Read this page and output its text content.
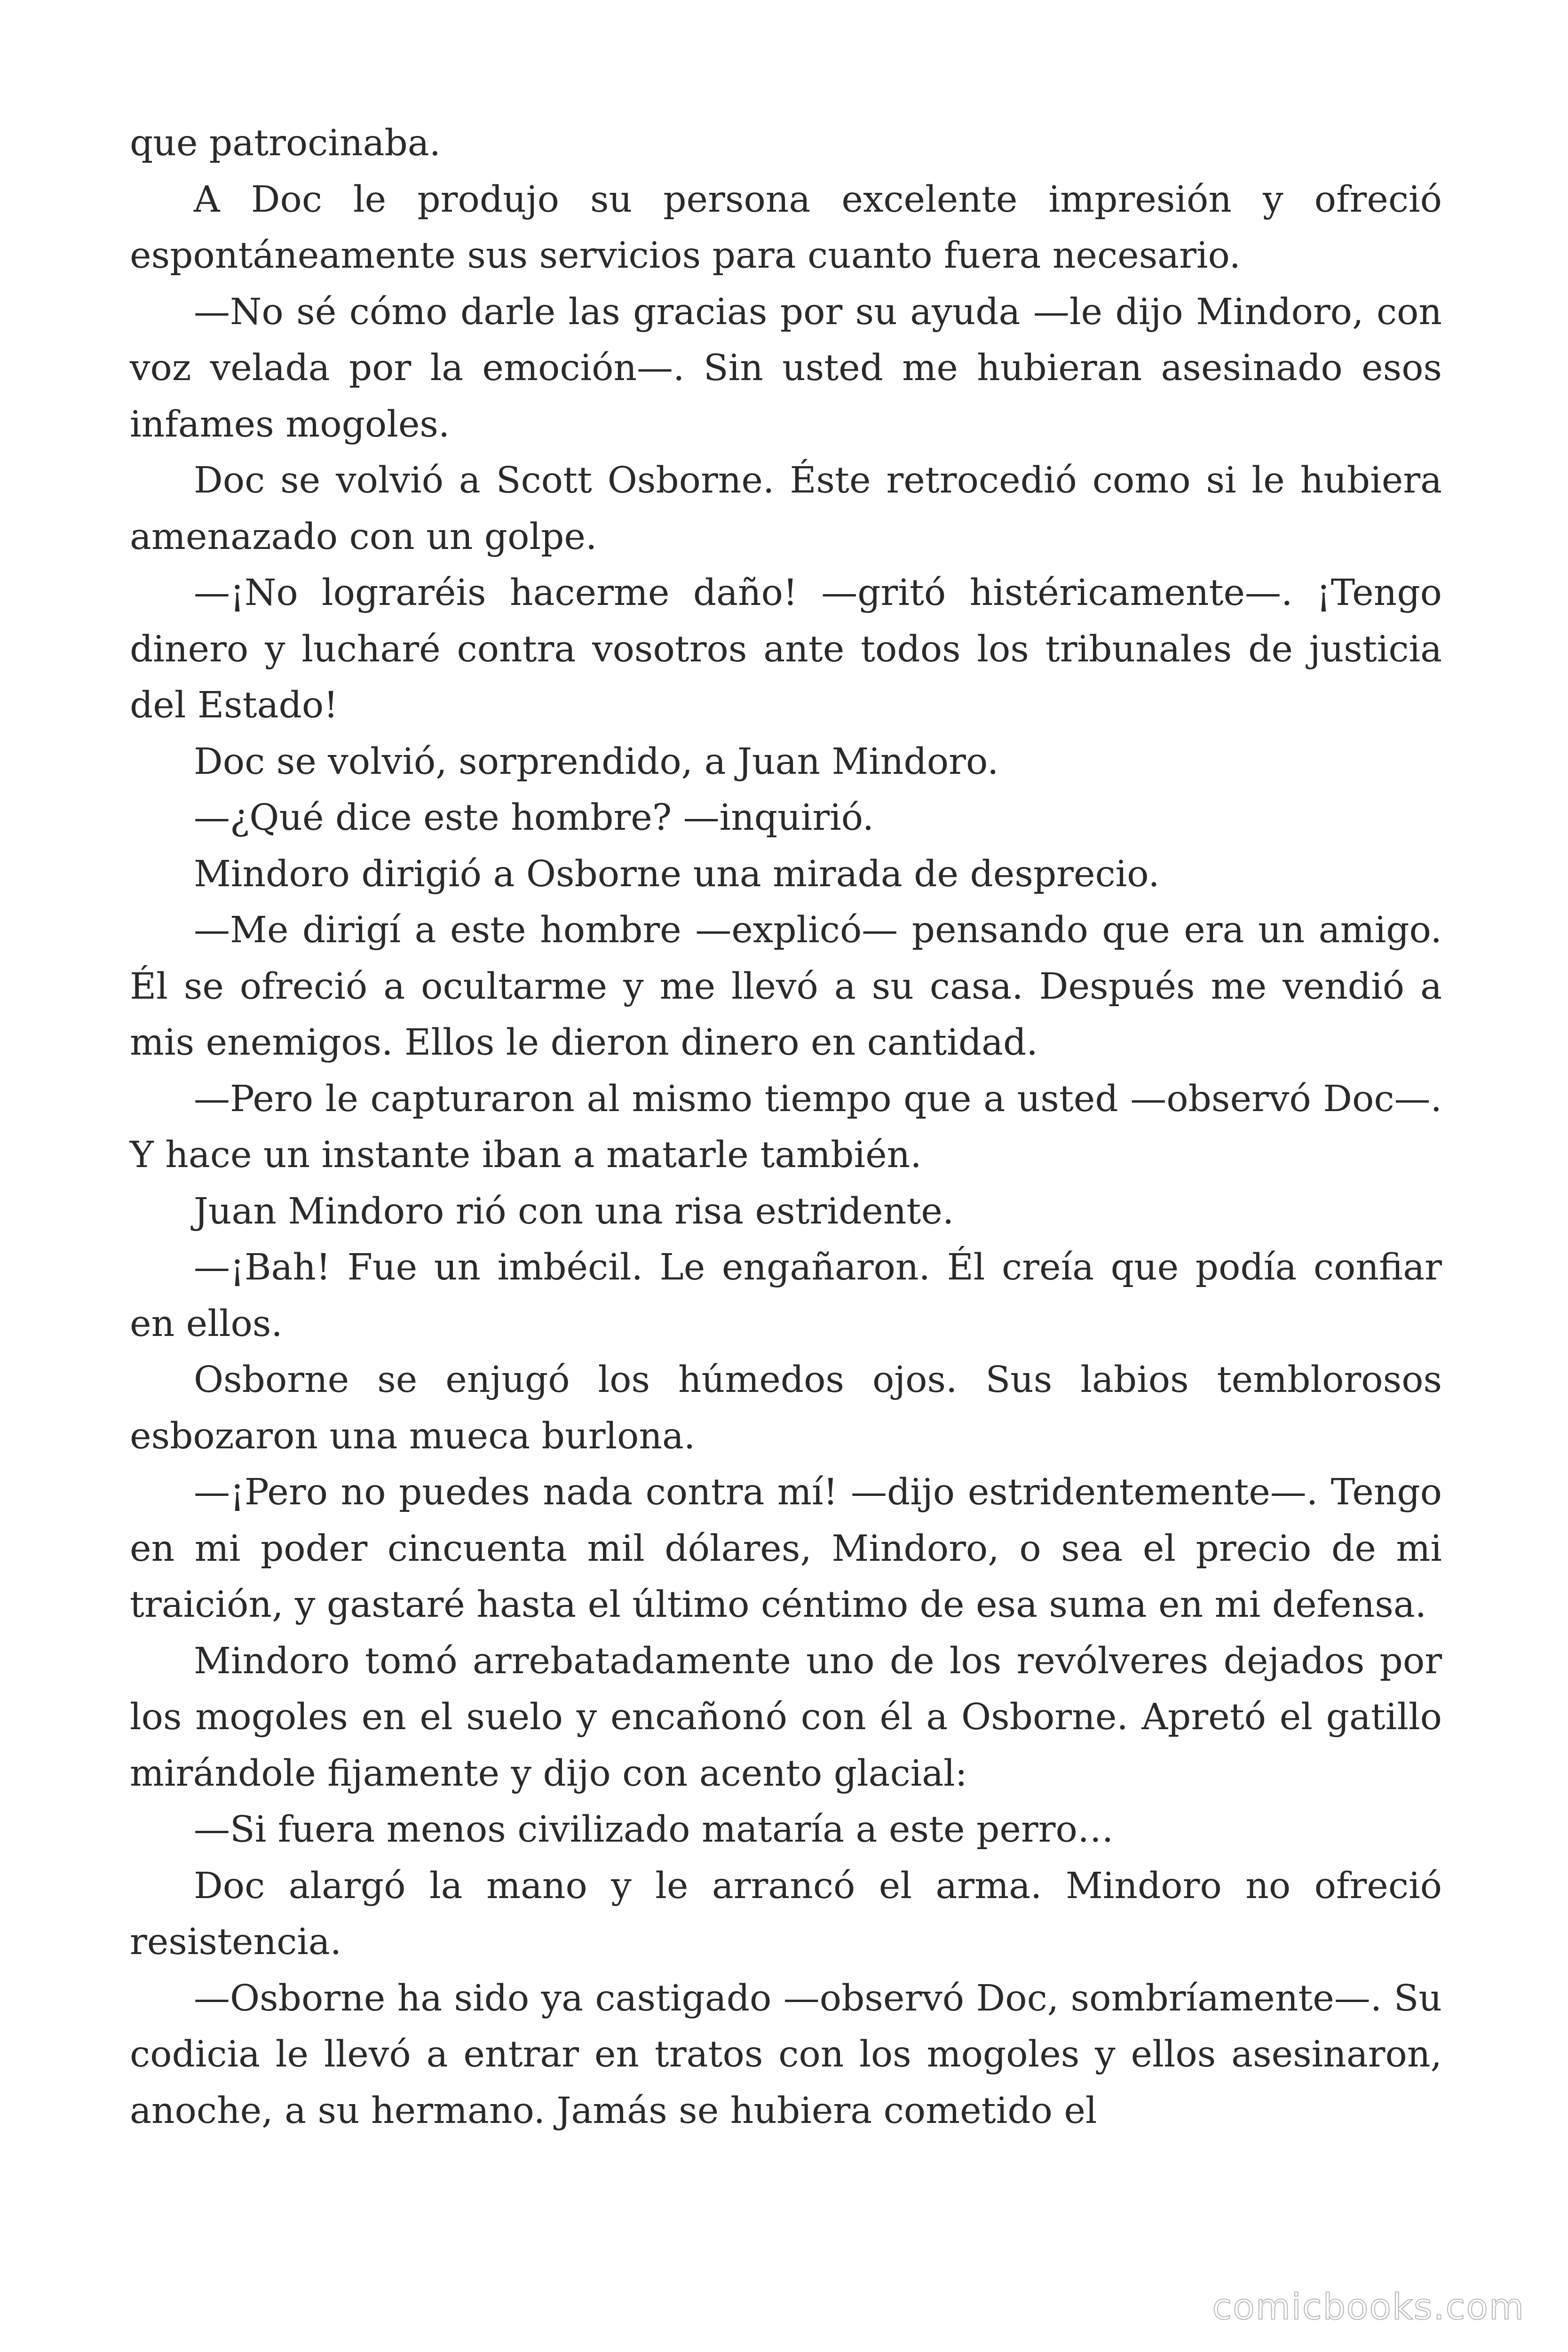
que patrocinaba.

A Doc le produjo su persona excelente impresión y ofreció espontáneamente sus servicios para cuanto fuera necesario.

—No sé cómo darle las gracias por su ayuda —le dijo Mindoro, con voz velada por la emoción—. Sin usted me hubieran asesinado esos infames mogoles.

Doc se volvió a Scott Osborne. Éste retrocedió como si le hubiera amenazado con un golpe.

—¡No lograréis hacerme daño! —gritó histéricamente—. ¡Tengo dinero y lucharé contra vosotros ante todos los tribunales de justicia del Estado!

Doc se volvió, sorprendido, a Juan Mindoro.

—¿Qué dice este hombre? —inquirió.

Mindoro dirigió a Osborne una mirada de desprecio.

—Me dirigí a este hombre —explicó— pensando que era un amigo. Él se ofreció a ocultarme y me llevó a su casa. Después me vendió a mis enemigos. Ellos le dieron dinero en cantidad.

—Pero le capturaron al mismo tiempo que a usted —observó Doc—. Y hace un instante iban a matarle también.

Juan Mindoro rió con una risa estridente.

—¡Bah! Fue un imbécil. Le engañaron. Él creía que podía confiar en ellos.

Osborne se enjugó los húmedos ojos. Sus labios temblorosos esbozaron una mueca burlona.

—¡Pero no puedes nada contra mí! —dijo estridentemente—. Tengo en mi poder cincuenta mil dólares, Mindoro, o sea el precio de mi traición, y gastaré hasta el último céntimo de esa suma en mi defensa.

Mindoro tomó arrebatadamente uno de los revólveres dejados por los mogoles en el suelo y encañonó con él a Osborne. Apretó el gatillo mirándole fijamente y dijo con acento glacial:

—Si fuera menos civilizado mataría a este perro…

Doc alargó la mano y le arrancó el arma. Mindoro no ofreció resistencia.

—Osborne ha sido ya castigado —observó Doc, sombríamente—. Su codicia le llevó a entrar en tratos con los mogoles y ellos asesinaron, anoche, a su hermano. Jamás se hubiera cometido el

comicbooks.com
